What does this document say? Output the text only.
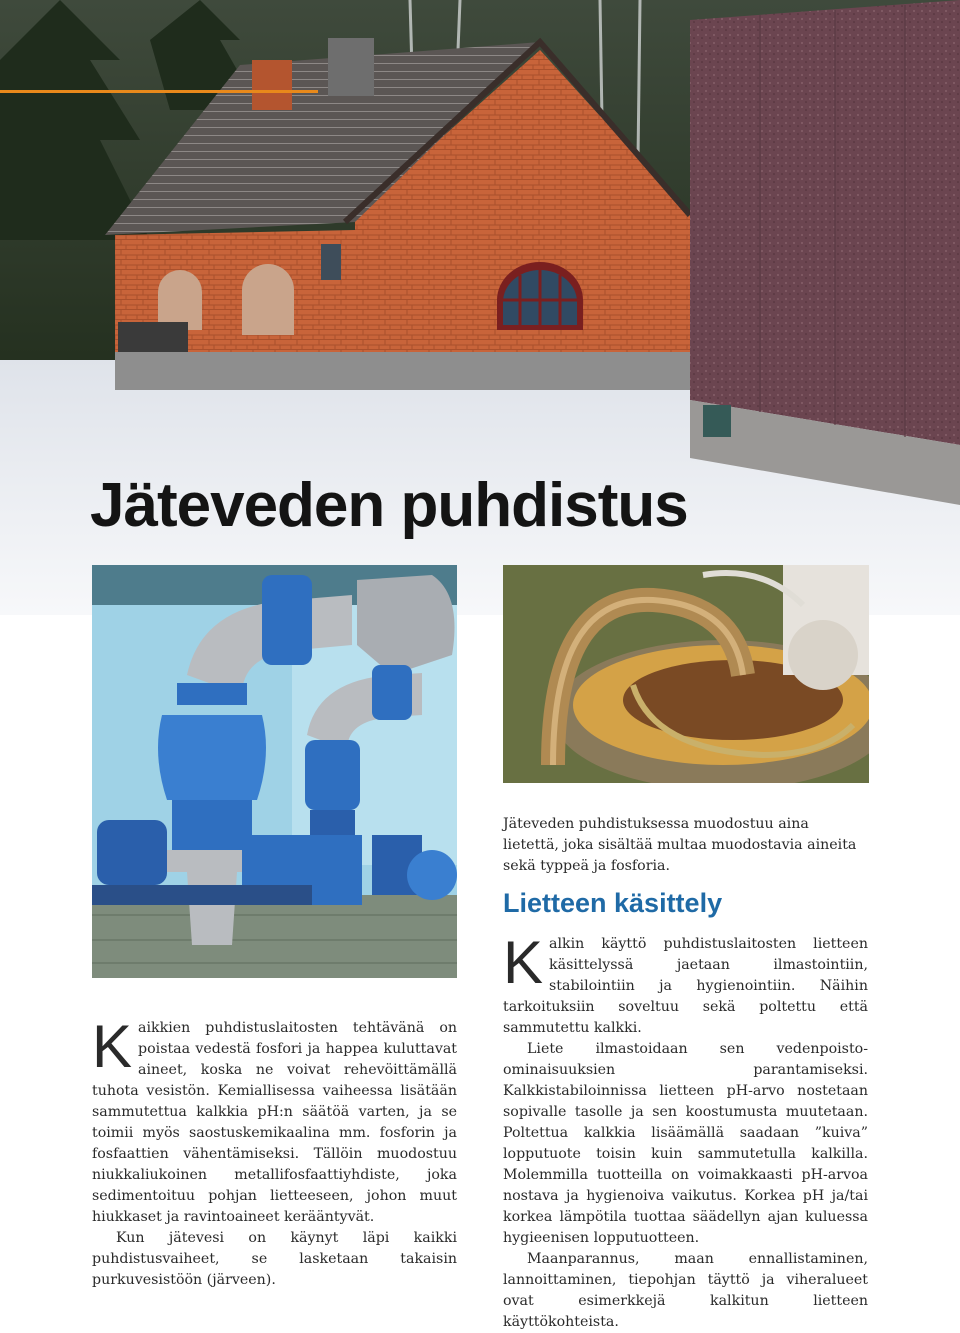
Jäteveden puhdistus

Jäteveden puhdistuksessa muodostuu aina lietettä, joka sisältää multaa muodostavia aineita sekä typpeä ja fosforia.

Lietteen käsittely

Kaikkien puhdistuslaitosten tehtävänä on poistaa vedestä fosfori ja happea kuluttavat aineet, koska ne voivat rehevöittämällä tuhota vesistön. Kemiallisessa vaiheessa lisätään sammutettua kalkkia pH:n säätöä varten, ja se toimii myös saostuskemikaalina mm. fosforin ja fosfaattien vähentämiseksi. Tällöin muodostuu niukkaliukoinen metallifosfaattiyhdiste, joka sedimentoituu pohjan lietteeseen, johon muut hiukkaset ja ravintoaineet kerääntyvät.

Kun jätevesi on käynyt läpi kaikki puhdistusvaiheet, se lasketaan takaisin purkuvesistöön (järveen).

Kalkin käyttö puhdistuslaitosten lietteen käsittelyssä jaetaan ilmastointiin, stabilointiin ja hygienointiin. Näihin tarkoituksiin soveltuu sekä poltettu että sammutettu kalkki.

Liete ilmastoidaan sen vedenpoisto-ominaisuuksien parantamiseksi. Kalkkistabiloinnissa lietteen pH-arvo nostetaan sopivalle tasolle ja sen koostumusta muutetaan. Poltettua kalkkia lisäämällä saadaan ”kuiva” lopputuote toisin kuin sammutetulla kalkilla. Molemmilla tuotteilla on voimakkaasti pH-arvoa nostava ja hygienoiva vaikutus. Korkea pH ja/tai korkea lämpötila tuottaa säädellyn ajan kuluessa hygieenisen lopputuotteen.

Maanparannus, maan ennallistaminen, lannoittaminen, tiepohjan täyttö ja viheralueet ovat esimerkkejä kalkitun lietteen käyttökohteista.
